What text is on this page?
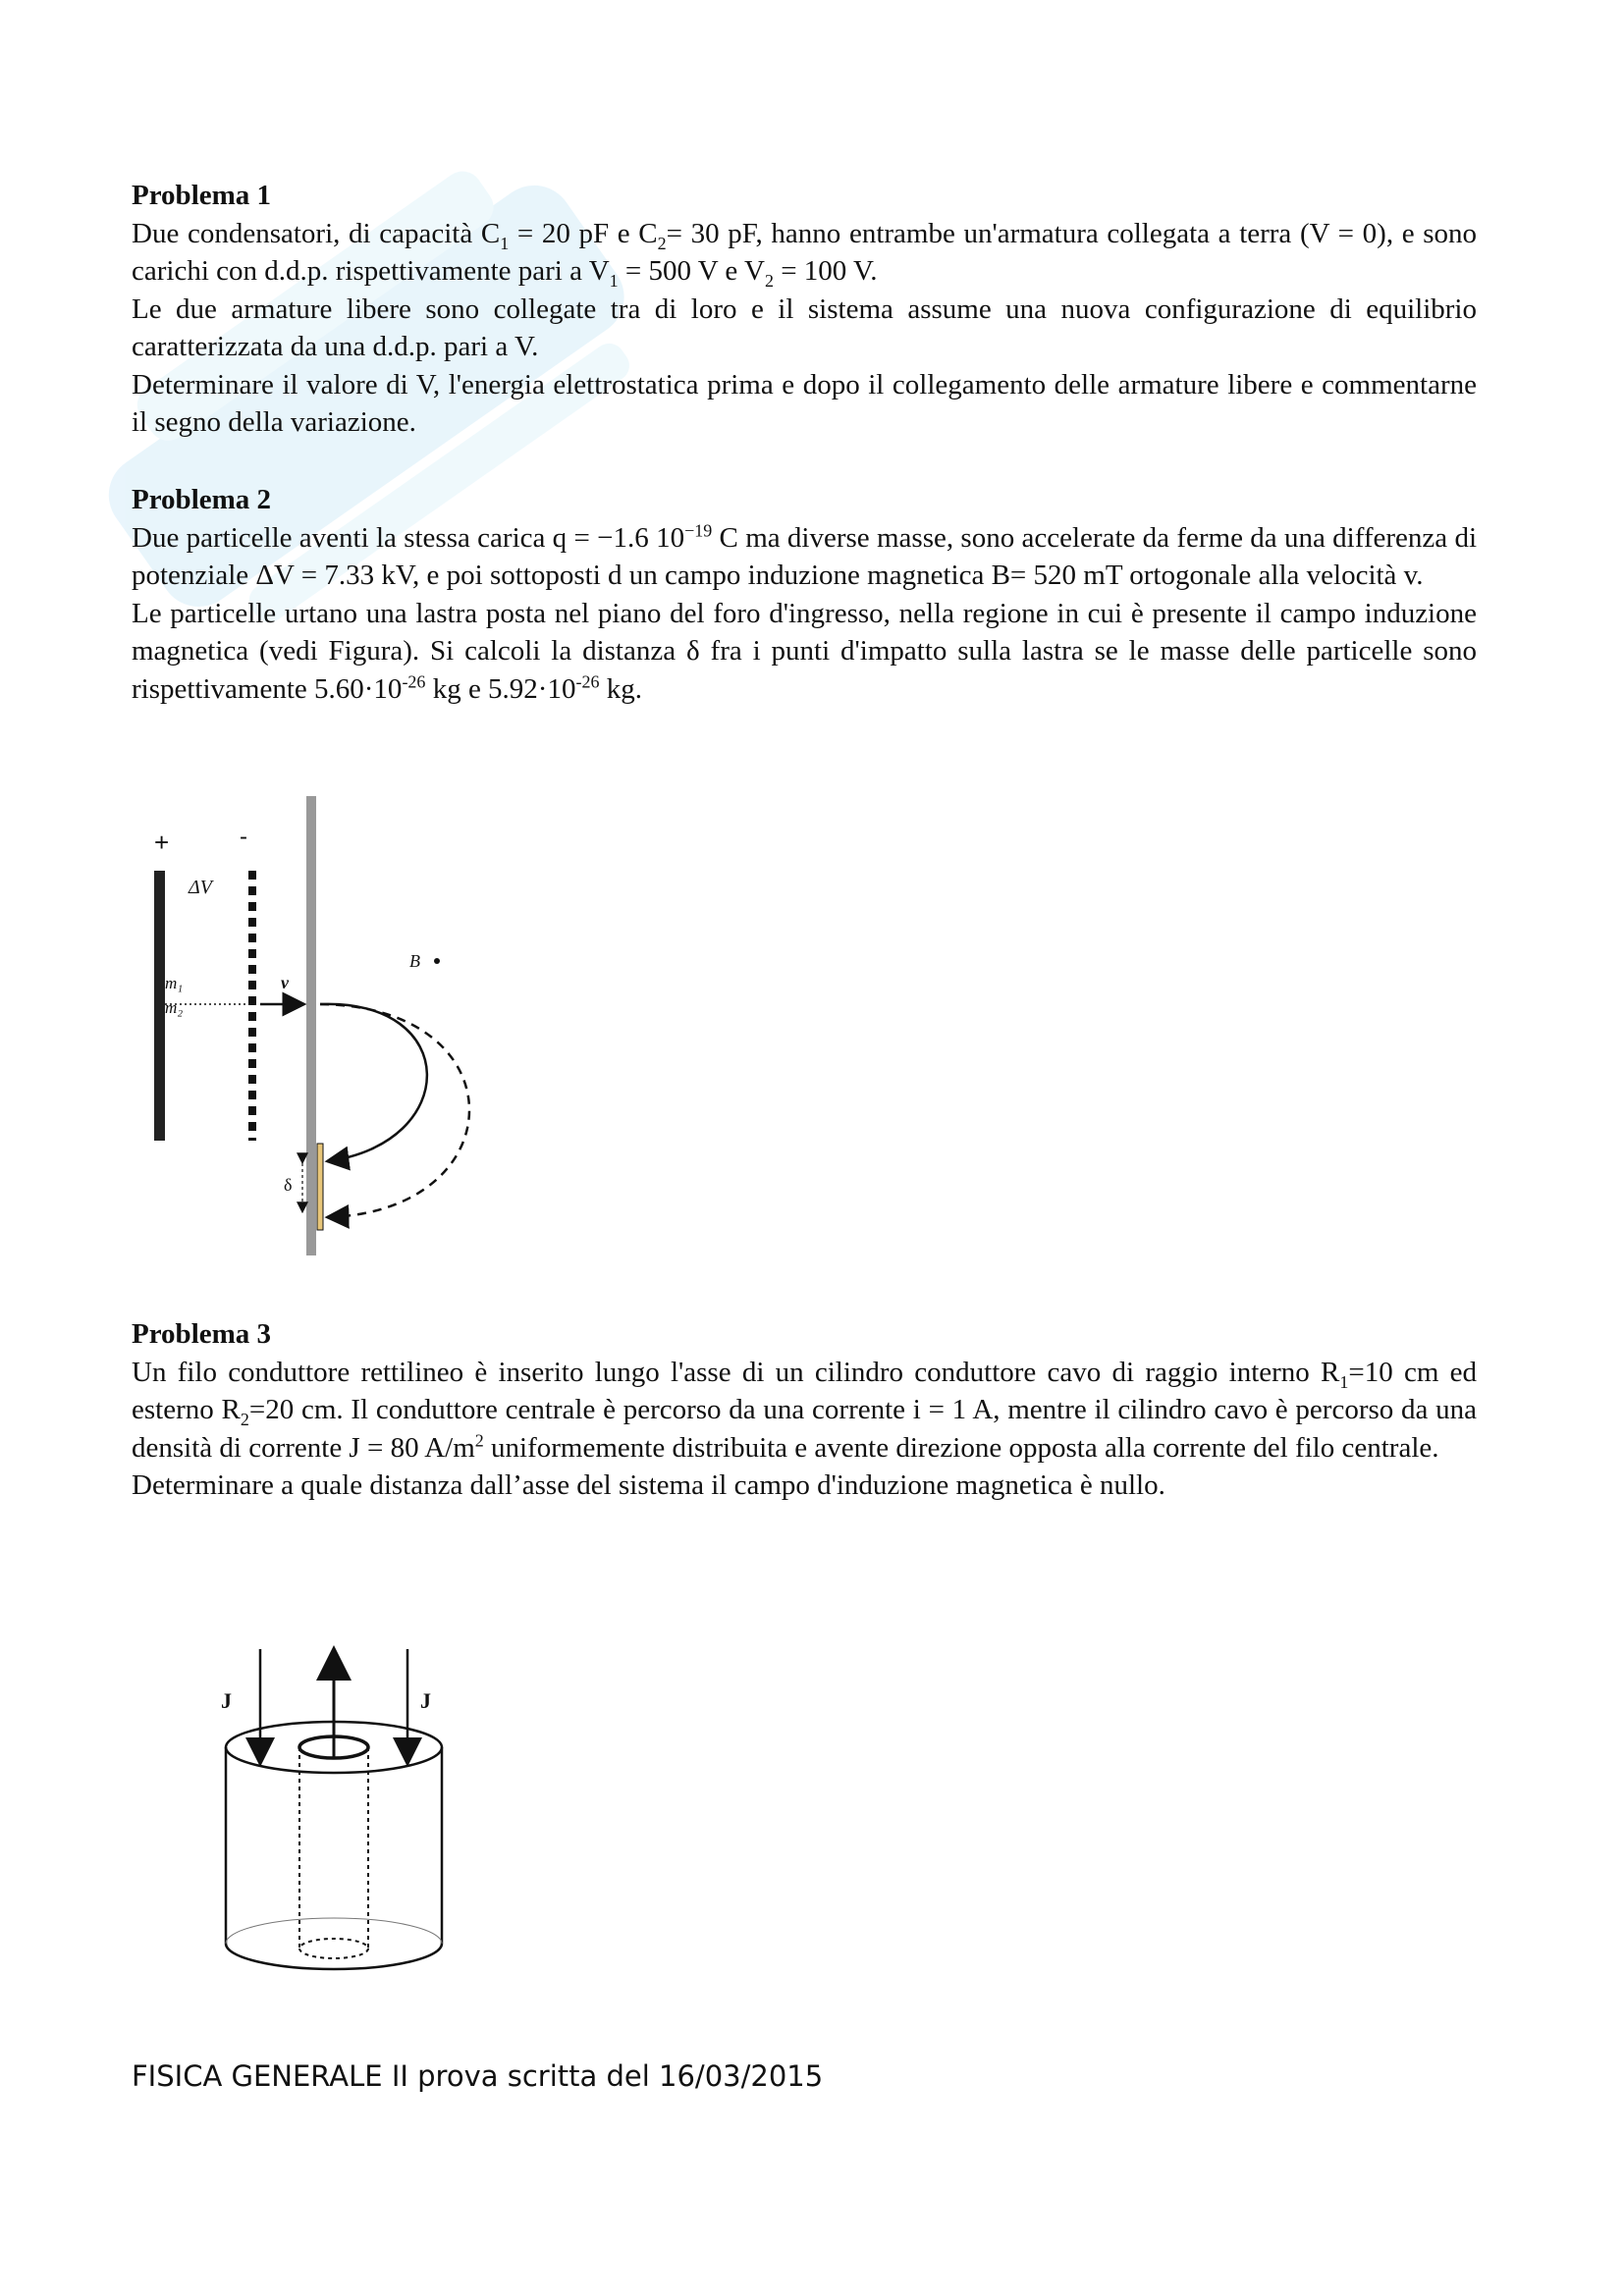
Problema 1

Due condensatori, di capacità $C_1 = 20$ pF e $C_2= 30$ pF, hanno entrambe un'armatura collegata a terra (V = 0), e sono carichi con d.d.p. rispettivamente pari a $V_1 = 500$ V e $V_2 = 100$ V.

Le due armature libere sono collegate tra di loro e il sistema assume una nuova configurazione di equilibrio caratterizzata da una d.d.p. pari a V.

Determinare il valore di V, l'energia elettrostatica prima e dopo il collegamento delle armature libere e commentarne il segno della variazione.

Problema 2

Due particelle aventi la stessa carica q = −1.6 $10^{-19}$ C ma diverse masse, sono accelerate da ferme da una differenza di potenziale ΔV = 7.33 kV, e poi sottoposti d un campo induzione magnetica B= 520 mT ortogonale alla velocità v.

Le particelle urtano una lastra posta nel piano del foro d'ingresso, nella regione in cui è presente il campo induzione magnetica (vedi Figura). Si calcoli la distanza δ fra i punti d'impatto sulla lastra se le masse delle particelle sono rispettivamente $5.60\cdot 10^{-26}$ kg e $5.92\cdot 10^{-26}$ kg.

+	-
ΔV
m₁
m₂
v
B
δ

Problema 3

Un filo conduttore rettilineo è inserito lungo l'asse di un cilindro conduttore cavo di raggio interno $R_1=10$ cm ed esterno $R_2=20$ cm. Il conduttore centrale è percorso da una corrente i = 1 A, mentre il cilindro cavo è percorso da una densità di corrente J = 80 $A/m^2$ uniformemente distribuita e avente direzione opposta alla corrente del filo centrale.

Determinare a quale distanza dall’asse del sistema il campo d'induzione magnetica è nullo.

J	J
FISICA GENERALE II prova scritta del 16/03/2015
